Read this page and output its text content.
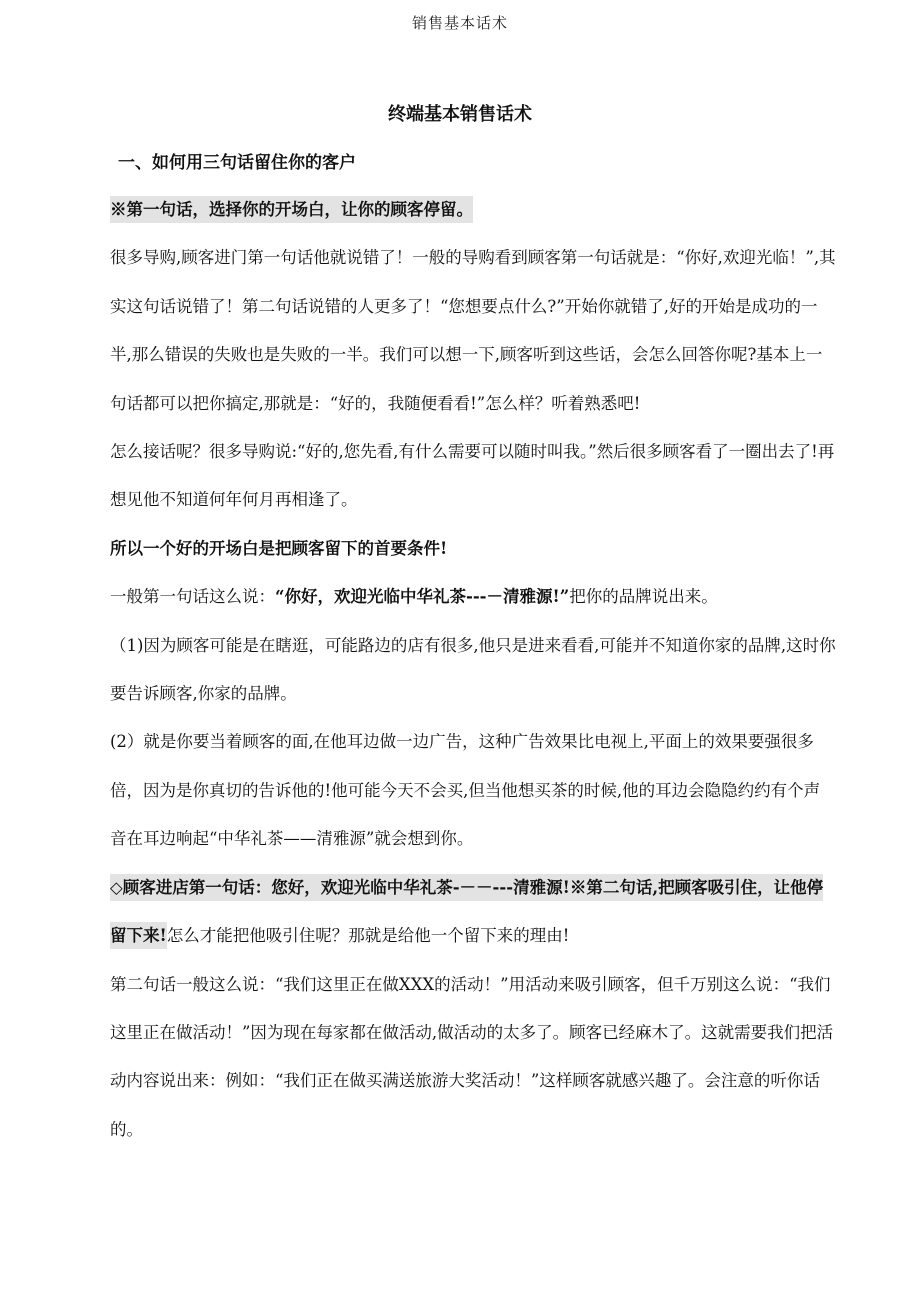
销售基本话术
终端基本销售话术
一、如何用三句话留住你的客户

※第一句话，选择你的开场白，让你的顾客停留。

很多导购,顾客进门第一句话他就说错了！一般的导购看到顾客第一句话就是：“你好,欢迎光临！”,其实这句话说错了！第二句话说错的人更多了！“您想要点什么?”开始你就错了,好的开始是成功的一半,那么错误的失败也是失败的一半。我们可以想一下,顾客听到这些话，会怎么回答你呢?基本上一句话都可以把你搞定,那就是：“好的，我随便看看!”怎么样？听着熟悉吧!

怎么接话呢？很多导购说:“好的,您先看,有什么需要可以随时叫我。”然后很多顾客看了一圈出去了!再想见他不知道何年何月再相逢了。

所以一个好的开场白是把顾客留下的首要条件!

一般第一句话这么说：“你好，欢迎光临中华礼茶---－清雅源!”把你的品牌说出来。

（1)因为顾客可能是在瞎逛，可能路边的店有很多,他只是进来看看,可能并不知道你家的品牌,这时你要告诉顾客,你家的品牌。

(2）就是你要当着顾客的面,在他耳边做一边广告，这种广告效果比电视上,平面上的效果要强很多倍，因为是你真切的告诉他的!他可能今天不会买,但当他想买茶的时候,他的耳边会隐隐约约有个声音在耳边响起“中华礼茶——清雅源”就会想到你。

◇顾客进店第一句话：您好，欢迎光临中华礼茶-－－---清雅源!※第二句话,把顾客吸引住，让他停留下来!怎么才能把他吸引住呢？那就是给他一个留下来的理由!

第二句话一般这么说：“我们这里正在做XXX的活动！”用活动来吸引顾客，但千万别这么说：“我们这里正在做活动！”因为现在每家都在做活动,做活动的太多了。顾客已经麻木了。这就需要我们把活动内容说出来：例如：“我们正在做买满送旅游大奖活动！”这样顾客就感兴趣了。会注意的听你话的。
